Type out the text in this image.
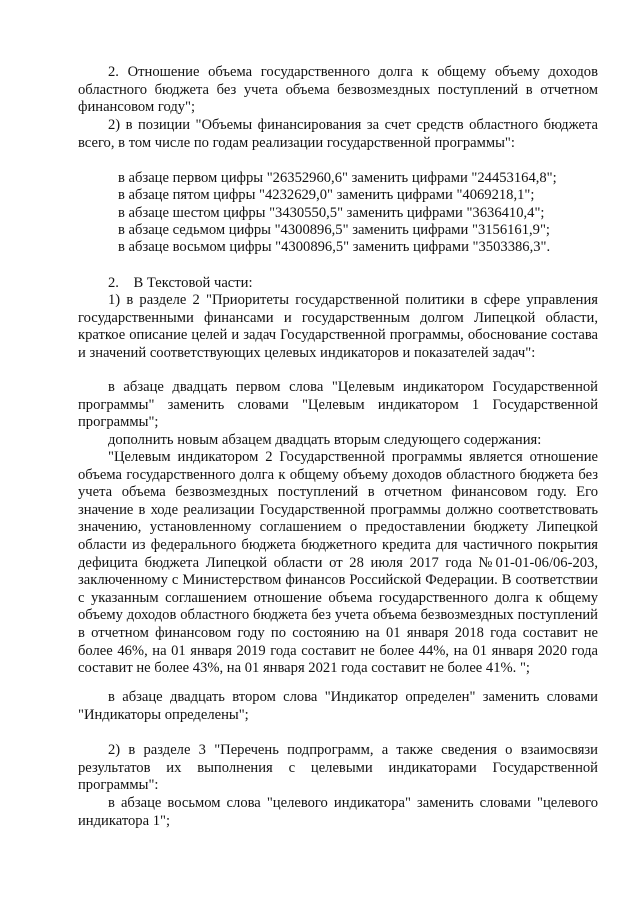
2. Отношение объема государственного долга к общему объему доходов областного бюджета без учета объема безвозмездных поступлений в отчетном финансовом году";

2) в позиции "Объемы финансирования за счет средств областного бюджета всего, в том числе по годам реализации государственной программы":

в абзаце первом цифры "26352960,6" заменить цифрами "24453164,8";

в абзаце пятом цифры "4232629,0" заменить цифрами "4069218,1";

в абзаце шестом цифры "3430550,5" заменить цифрами "3636410,4";

в абзаце седьмом цифры "4300896,5" заменить цифрами "3156161,9";

в абзаце восьмом цифры "4300896,5" заменить цифрами "3503386,3".

2.    В Текстовой части:

1) в разделе 2 "Приоритеты государственной политики в сфере управления государственными финансами и государственным долгом Липецкой области, краткое описание целей и задач Государственной программы, обоснование состава и значений соответствующих целевых индикаторов и показателей задач":

в абзаце двадцать первом слова "Целевым индикатором Государственной программы" заменить словами "Целевым индикатором 1 Государственной программы";

дополнить новым абзацем двадцать вторым следующего содержания:

"Целевым индикатором 2 Государственной программы является отношение объема государственного долга к общему объему доходов областного бюджета без учета объема безвозмездных поступлений в отчетном финансовом году. Его значение в ходе реализации Государственной программы должно соответствовать значению, установленному соглашением о предоставлении бюджету Липецкой области из федерального бюджета бюджетного кредита для частичного покрытия дефицита бюджета Липецкой области от 28 июля 2017 года №01-01-06/06-203, заключенному с Министерством финансов Российской Федерации. В соответствии с указанным соглашением отношение объема государственного долга к общему объему доходов областного бюджета без учета объема безвозмездных поступлений в отчетном финансовом году по состоянию на 01 января 2018 года составит не более 46%, на 01 января 2019 года составит не более 44%, на 01 января 2020 года составит не более 43%, на 01 января 2021 года составит не более 41%. ";

в абзаце двадцать втором слова "Индикатор определен" заменить словами "Индикаторы определены";

2) в разделе 3 "Перечень подпрограмм, а также сведения о взаимосвязи результатов их выполнения с целевыми индикаторами Государственной программы":

в абзаце восьмом слова "целевого индикатора" заменить словами "целевого индикатора 1";
